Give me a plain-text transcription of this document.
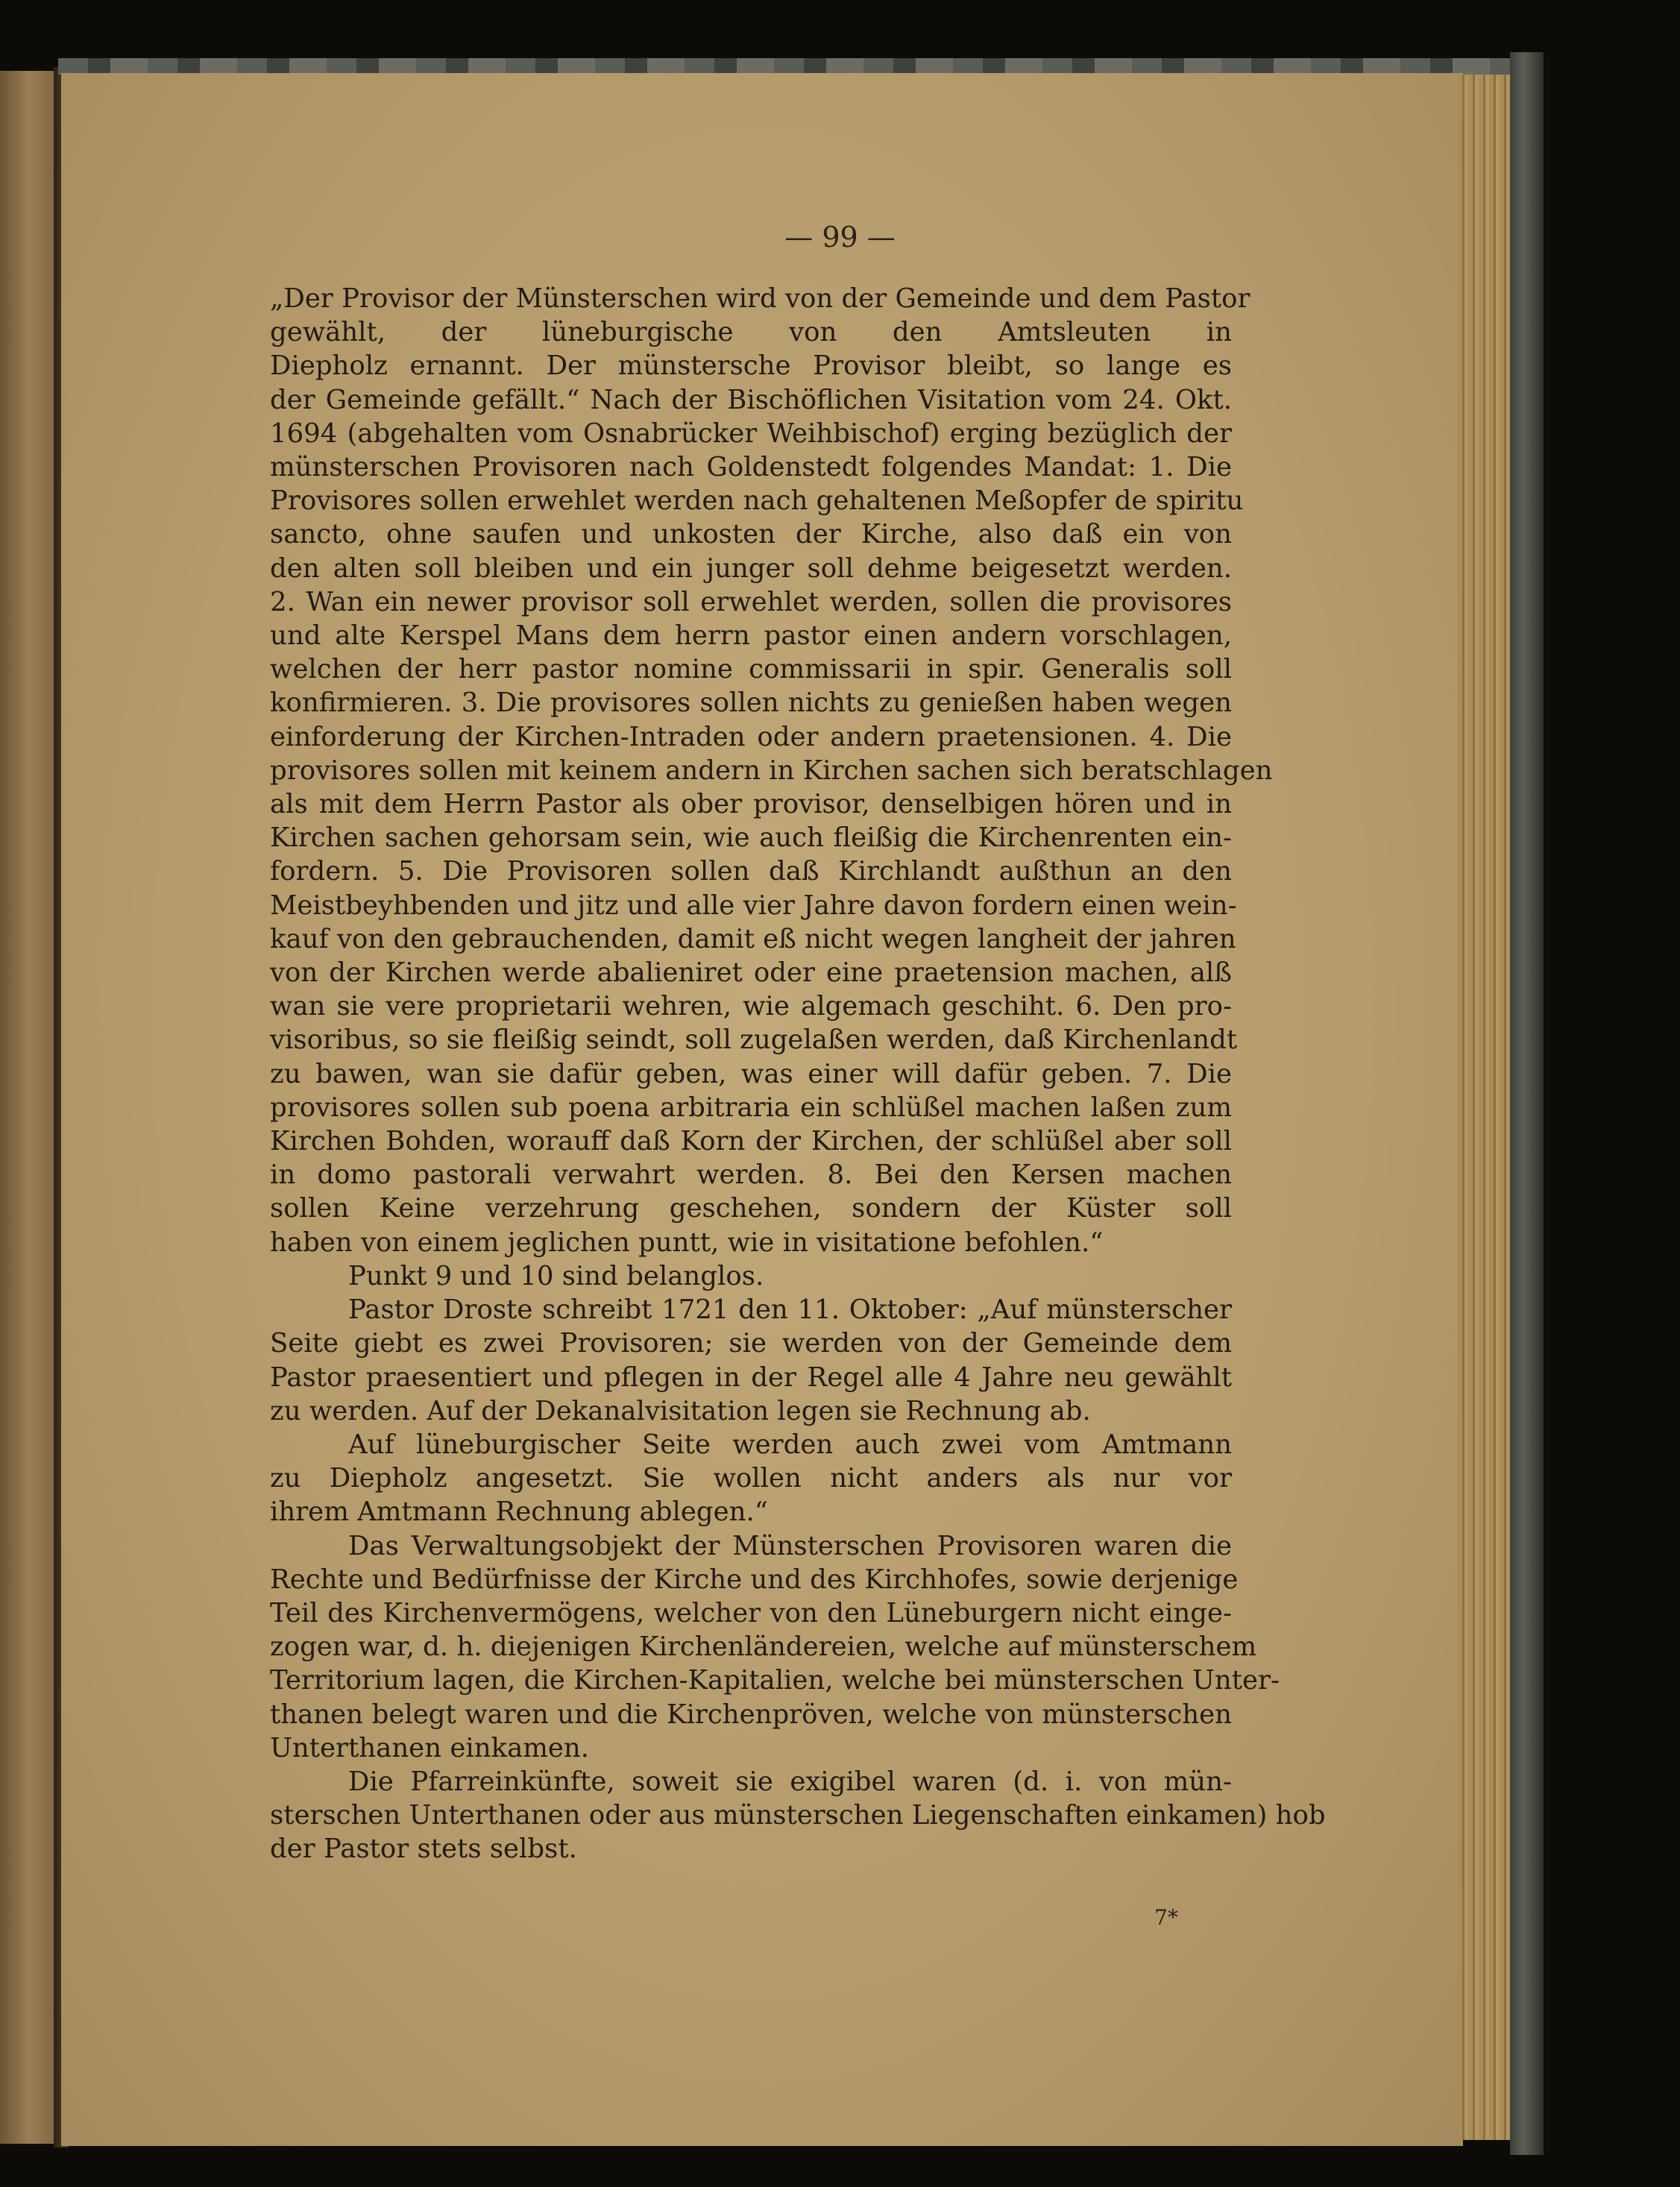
— 99 —
„Der Provisor der Münsterschen wird von der Gemeinde und dem Pastor
gewählt, der lüneburgische von den Amtsleuten in
Diepholz ernannt. Der münstersche Provisor bleibt, so lange es
der Gemeinde gefällt.“ Nach der Bischöflichen Visitation vom 24. Okt.
1694 (abgehalten vom Osnabrücker Weihbischof) erging bezüglich der
münsterschen Provisoren nach Goldenstedt folgendes Mandat: 1. Die
Provisores sollen erwehlet werden nach gehaltenen Meßopfer de spiritu
sancto, ohne saufen und unkosten der Kirche, also daß ein von
den alten soll bleiben und ein junger soll dehme beigesetzt werden.
2. Wan ein newer provisor soll erwehlet werden, sollen die provisores
und alte Kerspel Mans dem herrn pastor einen andern vorschlagen,
welchen der herr pastor nomine commissarii in spir. Generalis soll
konfirmieren. 3. Die provisores sollen nichts zu genießen haben wegen
einforderung der Kirchen-Intraden oder andern praetensionen. 4. Die
provisores sollen mit keinem andern in Kirchen sachen sich beratschlagen
als mit dem Herrn Pastor als ober provisor, denselbigen hören und in
Kirchen sachen gehorsam sein, wie auch fleißig die Kirchenrenten ein-
fordern. 5. Die Provisoren sollen daß Kirchlandt außthun an den
Meistbeyhbenden und jitz und alle vier Jahre davon fordern einen wein-
kauf von den gebrauchenden, damit eß nicht wegen langheit der jahren
von der Kirchen werde abalieniret oder eine praetension machen, alß
wan sie vere proprietarii wehren, wie algemach geschiht. 6. Den pro-
visoribus, so sie fleißig seindt, soll zugelaßen werden, daß Kirchenlandt
zu bawen, wan sie dafür geben, was einer will dafür geben. 7. Die
provisores sollen sub poena arbitraria ein schlüßel machen laßen zum
Kirchen Bohden, worauff daß Korn der Kirchen, der schlüßel aber soll
in domo pastorali verwahrt werden. 8. Bei den Kersen machen
sollen Keine verzehrung geschehen, sondern der Küster soll
haben von einem jeglichen puntt, wie in visitatione befohlen.“
Punkt 9 und 10 sind belanglos.
Pastor Droste schreibt 1721 den 11. Oktober: „Auf münsterscher
Seite giebt es zwei Provisoren; sie werden von der Gemeinde dem
Pastor praesentiert und pflegen in der Regel alle 4 Jahre neu gewählt
zu werden. Auf der Dekanalvisitation legen sie Rechnung ab.
Auf lüneburgischer Seite werden auch zwei vom Amtmann
zu Diepholz angesetzt. Sie wollen nicht anders als nur vor
ihrem Amtmann Rechnung ablegen.“
Das Verwaltungsobjekt der Münsterschen Provisoren waren die
Rechte und Bedürfnisse der Kirche und des Kirchhofes, sowie derjenige
Teil des Kirchenvermögens, welcher von den Lüneburgern nicht einge-
zogen war, d. h. diejenigen Kirchenländereien, welche auf münsterschem
Territorium lagen, die Kirchen-Kapitalien, welche bei münsterschen Unter-
thanen belegt waren und die Kirchenpröven, welche von münsterschen
Unterthanen einkamen.
Die Pfarreinkünfte, soweit sie exigibel waren (d. i. von mün-
sterschen Unterthanen oder aus münsterschen Liegenschaften einkamen) hob
der Pastor stets selbst.
7*
